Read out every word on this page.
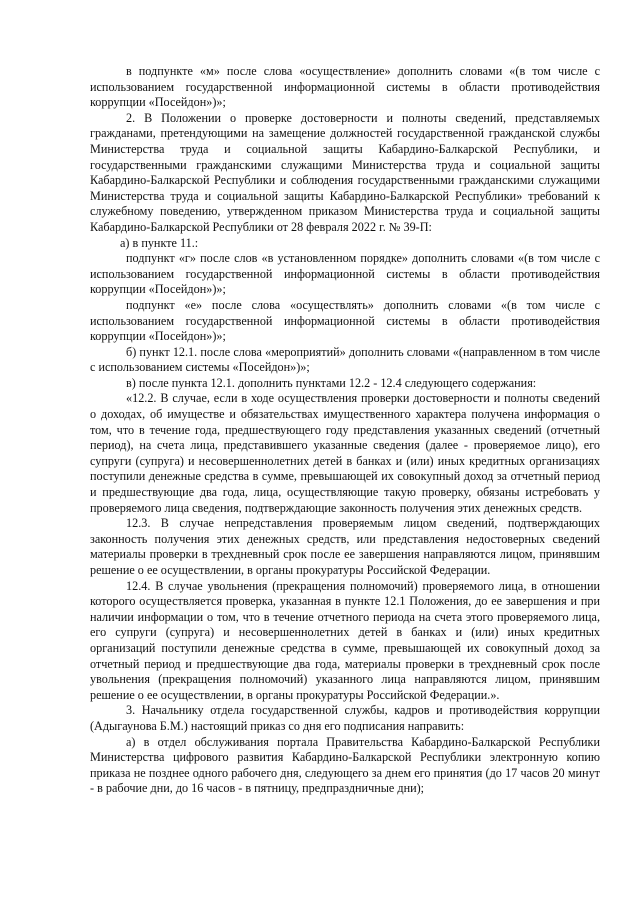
в подпункте «м» после слова «осуществление» дополнить словами «(в том числе с использованием государственной информационной системы в области противодействия коррупции «Посейдон»)»;

2. В Положении о проверке достоверности и полноты сведений, представляемых гражданами, претендующими на замещение должностей государственной гражданской службы Министерства труда и социальной защиты Кабардино-Балкарской Республики, и государственными гражданскими служащими Министерства труда и социальной защиты Кабардино-Балкарской Республики и соблюдения государственными гражданскими служащими Министерства труда и социальной защиты Кабардино-Балкарской Республики» требований к служебному поведению, утвержденном приказом Министерства труда и социальной защиты Кабардино-Балкарской Республики от 28 февраля 2022 г. № 39-П:

а) в пункте 11.:

подпункт «г» после слов «в установленном порядке» дополнить словами «(в том числе с использованием государственной информационной системы в области противодействия коррупции «Посейдон»)»;

подпункт «е» после слова «осуществлять» дополнить словами «(в том числе с использованием государственной информационной системы в области противодействия коррупции «Посейдон»)»;

б) пункт 12.1. после слова «мероприятий» дополнить словами «(направленном в том числе с использованием системы «Посейдон»)»;

в) после пункта 12.1. дополнить пунктами 12.2 - 12.4 следующего содержания:

«12.2. В случае, если в ходе осуществления проверки достоверности и полноты сведений о доходах, об имуществе и обязательствах имущественного характера получена информация о том, что в течение года, предшествующего году представления указанных сведений (отчетный период), на счета лица, представившего указанные сведения (далее - проверяемое лицо), его супруги (супруга) и несовершеннолетних детей в банках и (или) иных кредитных организациях поступили денежные средства в сумме, превышающей их совокупный доход за отчетный период и предшествующие два года, лица, осуществляющие такую проверку, обязаны истребовать у проверяемого лица сведения, подтверждающие законность получения этих денежных средств.

12.3. В случае непредставления проверяемым лицом сведений, подтверждающих законность получения этих денежных средств, или представления недостоверных сведений материалы проверки в трехдневный срок после ее завершения направляются лицом, принявшим решение о ее осуществлении, в органы прокуратуры Российской Федерации.

12.4. В случае увольнения (прекращения полномочий) проверяемого лица, в отношении которого осуществляется проверка, указанная в пункте 12.1 Положения, до ее завершения и при наличии информации о том, что в течение отчетного периода на счета этого проверяемого лица, его супруги (супруга) и несовершеннолетних детей в банках и (или) иных кредитных организаций поступили денежные средства в сумме, превышающей их совокупный доход за отчетный период и предшествующие два года, материалы проверки в трехдневный срок после увольнения (прекращения полномочий) указанного лица направляются лицом, принявшим решение о ее осуществлении, в органы прокуратуры Российской Федерации.».

3. Начальнику отдела государственной службы, кадров и противодействия коррупции (Адыгаунова Б.М.) настоящий приказ со дня его подписания направить:

а) в отдел обслуживания портала Правительства Кабардино-Балкарской Республики Министерства цифрового развития Кабардино-Балкарской Республики электронную копию приказа не позднее одного рабочего дня, следующего за днем его принятия (до 17 часов 20 минут - в рабочие дни, до 16 часов - в пятницу, предпраздничные дни);
